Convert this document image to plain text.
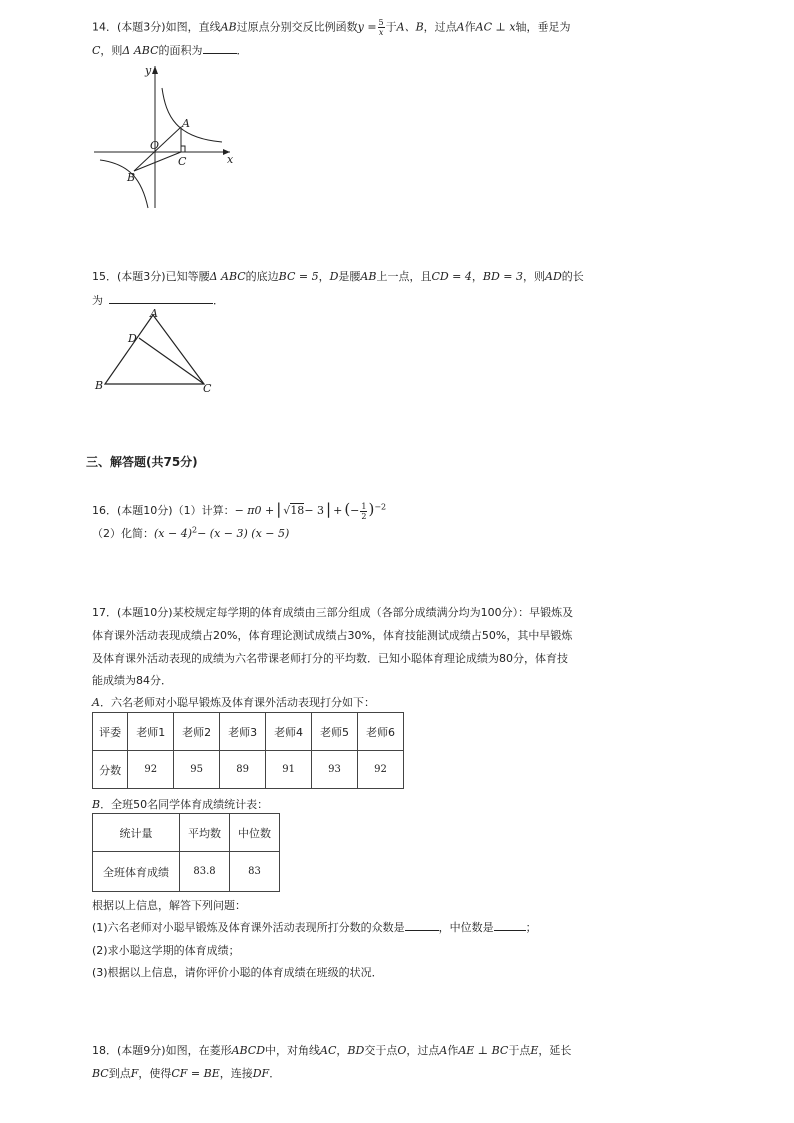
14．(本题3分)如图，直线AB过原点分别交反比例函数$y = \frac{5}{x}$ 于A、B，过点A作AC ⊥ x轴，垂足为
C，则Δ ABC的面积为	．
y
x
O
A
B
C
15．(本题3分)已知等腰Δ ABC的底边BC = 5，D是腰AB上一点，且CD = 4，BD = 3，则AD的长
为	．
A
B	C
D
三、解答题(共75分)
16．(本题10分)（1）计算：− π0 + | √18− 3 | + (− $\frac{1}{2} )^{-2}$
（2）化简：$(x - 4)^2- (x - 3)$ (x − 5)
17．(本题10分)某校规定每学期的体育成绩由三部分组成（各部分成绩满分均为100分）：早锻炼及
体育课外活动表现成绩占20%，体育理论测试成绩占30%，体育技能测试成绩占50%，其中早锻炼
及体育课外活动表现的成绩为六名带课老师打分的平均数．已知小聪体育理论成绩为80分，体育技
能成绩为84分．
A．六名老师对小聪早锻炼及体育课外活动表现打分如下：
评委	老师1	老师2	老师3	老师4	老师5	老师6
分数	92	95	89	91	93	92
B．全班50名同学体育成绩统计表：
统计量	平均数	中位数
全班体育成绩	83.8	83
根据以上信息，解答下列问题：
(1)六名老师对小聪早锻炼及体育课外活动表现所打分数的众数是	，中位数是	；
(2)求小聪这学期的体育成绩；
(3)根据以上信息，请你评价小聪的体育成绩在班级的状况．
18．(本题9分)如图，在菱形ABCD中，对角线AC，BD交于点O，过点A作AE ⊥ BC于点E，延长
BC到点F，使得CF = BE，连接DF．
